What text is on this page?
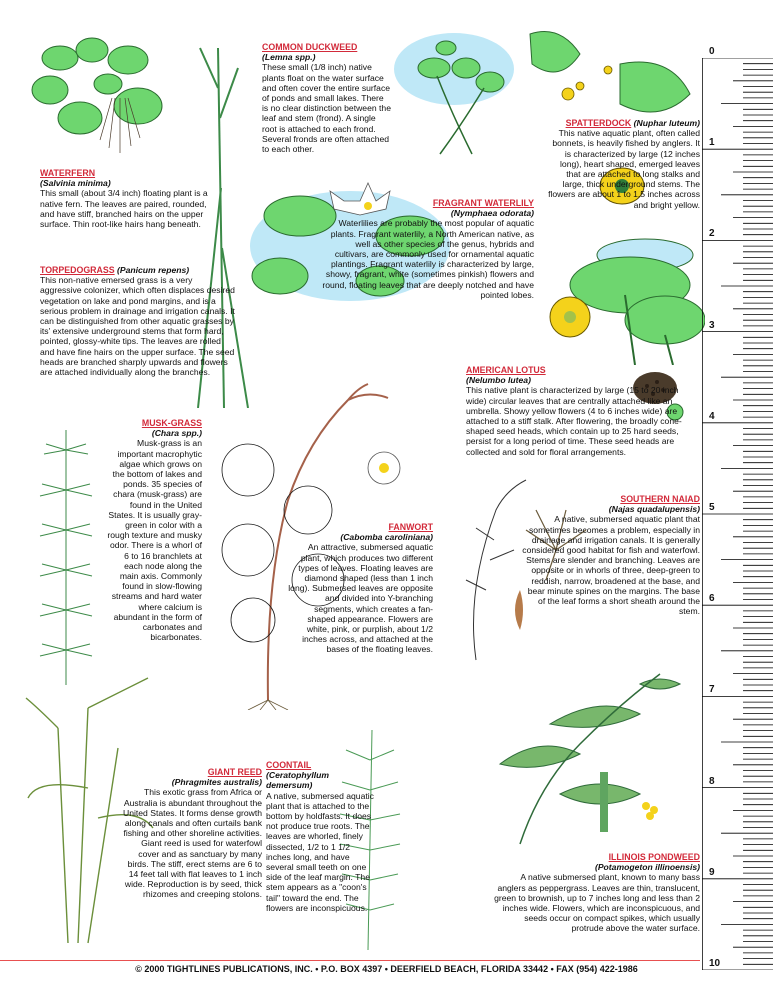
WATERFERN
(Salvinia minima)
This small (about 3/4 inch) floating plant is a native fern. The leaves are paired, rounded, and have stiff, branched hairs on the upper surface. Thin root-like hairs hang beneath.
TORPEDOGRASS (Panicum repens)
This non-native emersed grass is a very aggressive colonizer, which often displaces desired vegetation on lake and pond margins, and is a serious problem in drainage and irrigation canals. It can be distinguished from other aquatic grasses by its' extensive underground stems that form hard, pointed, glossy-white tips. The leaves are rolled and have fine hairs on the upper surface. The seed heads are branched sharply upwards and flowers are attached individually along the branches.
COMMON DUCKWEED
(Lemna spp.)
These small (1/8 inch) native plants float on the water surface and often cover the entire surface of ponds and small lakes. There is no clear distinction between the leaf and stem (frond). A single root is attached to each frond. Several fronds are often attached to each other.
SPATTERDOCK (Nuphar luteum)
This native aquatic plant, often called bonnets, is heavily fished by anglers. It is characterized by large (12 inches long), heart shaped, emerged leaves that are attached to long stalks and large, thick underground stems. The flowers are about 1 to 1.5 inches across and bright yellow.
FRAGRANT WATERLILY
(Nymphaea odorata)
Waterlilies are probably the most popular of aquatic plants. Fragrant waterlily, a North American native, as well as other species of the genus, hybrids and cultivars, are commonly used for ornamental aquatic plantings. Fragrant waterlily is characterized by large, showy, fragrant, white (sometimes pinkish) flowers and round, floating leaves that are deeply notched and have pointed lobes.
AMERICAN LOTUS
(Nelumbo lutea)
This native plant is characterized by large (15 to 20 inch wide) circular leaves that are centrally attached like an umbrella. Showy yellow flowers (4 to 6 inches wide) are attached to a stiff stalk. After flowering, the broadly cone-shaped seed heads, which contain up to 25 hard seeds, persist for a long period of time. These seed heads are collected and sold for floral arrangements.
MUSK-GRASS
(Chara spp.)
Musk-grass is an important macrophytic algae which grows on the bottom of lakes and ponds. 35 species of chara (musk-grass) are found in the United States. It is usually gray-green in color with a rough texture and musky odor. There is a whorl of 6 to 16 branchlets at each node along the main axis. Commonly found in slow-flowing streams and hard water where calcium is abundant in the form of carbonates and bicarbonates.
FANWORT
(Cabomba caroliniana)
An attractive, submersed aquatic plant, which produces two different types of leaves. Floating leaves are diamond shaped (less than 1 inch long). Submersed leaves are opposite and divided into Y-branching segments, which creates a fan-shaped appearance. Flowers are white, pink, or purplish, about 1/2 inches across, and attached at the bases of the floating leaves.
SOUTHERN NAIAD
(Najas quadalupensis)
A native, submersed aquatic plant that sometimes becomes a problem, especially in drainage and irrigation canals. It is generally considered good habitat for fish and waterfowl. Stems are slender and branching. Leaves are opposite or in whorls of three, deep-green to reddish, narrow, broadened at the base, and bear minute spines on the margins. The base of the leaf forms a short sheath around the stem.
GIANT REED
(Phragmites australis)
This exotic grass from Africa or Australia is abundant throughout the United States. It forms dense growth along canals and often curtails bank fishing and other shoreline activities. Giant reed is used for waterfowl cover and as sanctuary by many birds. The stiff, erect stems are 6 to 14 feet tall with flat leaves to 1 inch wide. Reproduction is by seed, thick rhizomes and creeping stolons.
COONTAIL
(Ceratophyllum demersum)
A native, submersed aquatic plant that is attached to the bottom by holdfasts. It does not produce true roots. The leaves are whorled, finely dissected, 1/2 to 1 1/2 inches long, and have several small teeth on one side of the leaf margin. The stem appears as a "coon's tail" toward the end. The flowers are inconspicuous.
ILLINOIS PONDWEED
(Potamogeton illinoensis)
A native submersed plant, known to many bass anglers as peppergrass. Leaves are thin, translucent, green to brownish, up to 7 inches long and less than 2 inches wide. Flowers, which are inconspicuous, and seeds occur on compact spikes, which usually protrude above the water surface.
0
1
2
3
4
5
6
7
8
9
10
© 2000 TIGHTLINES PUBLICATIONS, INC. • P.O. BOX 4397 • DEERFIELD BEACH, FLORIDA 33442 • FAX (954) 422-1986
